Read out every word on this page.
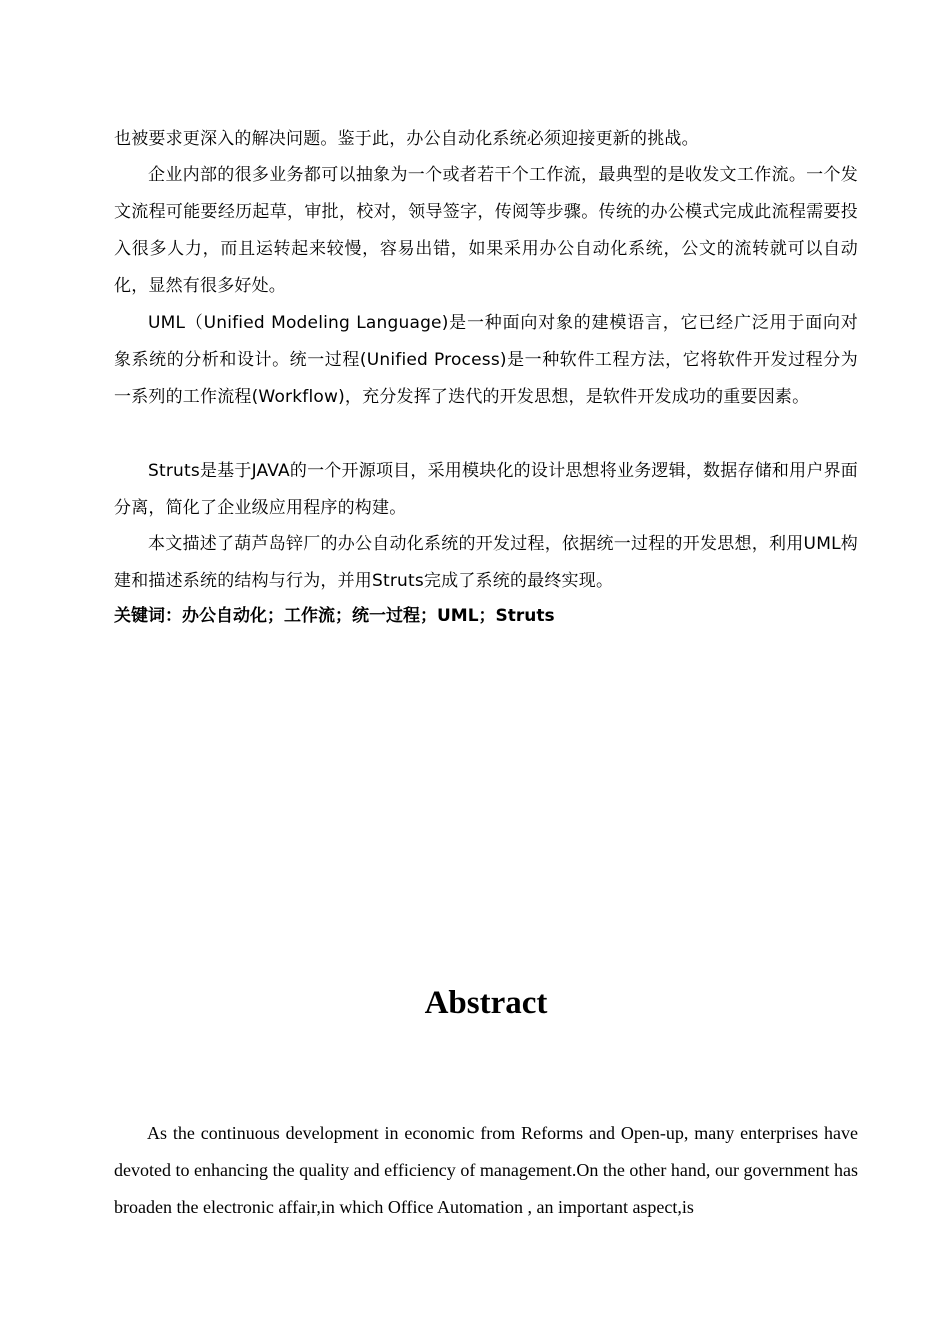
也被要求更深入的解决问题。鉴于此，办公自动化系统必须迎接更新的挑战。

企业内部的很多业务都可以抽象为一个或者若干个工作流，最典型的是收发文工作流。一个发文流程可能要经历起草，审批，校对，领导签字，传阅等步骤。传统的办公模式完成此流程需要投入很多人力，而且运转起来较慢，容易出错，如果采用办公自动化系统，公文的流转就可以自动化，显然有很多好处。

UML（Unified Modeling Language)是一种面向对象的建模语言，它已经广泛用于面向对象系统的分析和设计。统一过程(Unified Process)是一种软件工程方法，它将软件开发过程分为一系列的工作流程(Workflow)，充分发挥了迭代的开发思想，是软件开发成功的重要因素。

Struts是基于JAVA的一个开源项目，采用模块化的设计思想将业务逻辑，数据存储和用户界面分离，简化了企业级应用程序的构建。

本文描述了葫芦岛锌厂的办公自动化系统的开发过程，依据统一过程的开发思想，利用UML构建和描述系统的结构与行为，并用Struts完成了系统的最终实现。

关键词：办公自动化；工作流；统一过程；UML；Struts
Abstract

As the continuous development in economic from Reforms and Open-up, many enterprises have devoted to enhancing the quality and efficiency of management.On the other hand, our government has broaden the electronic affair,in which Office Automation , an important aspect,is
